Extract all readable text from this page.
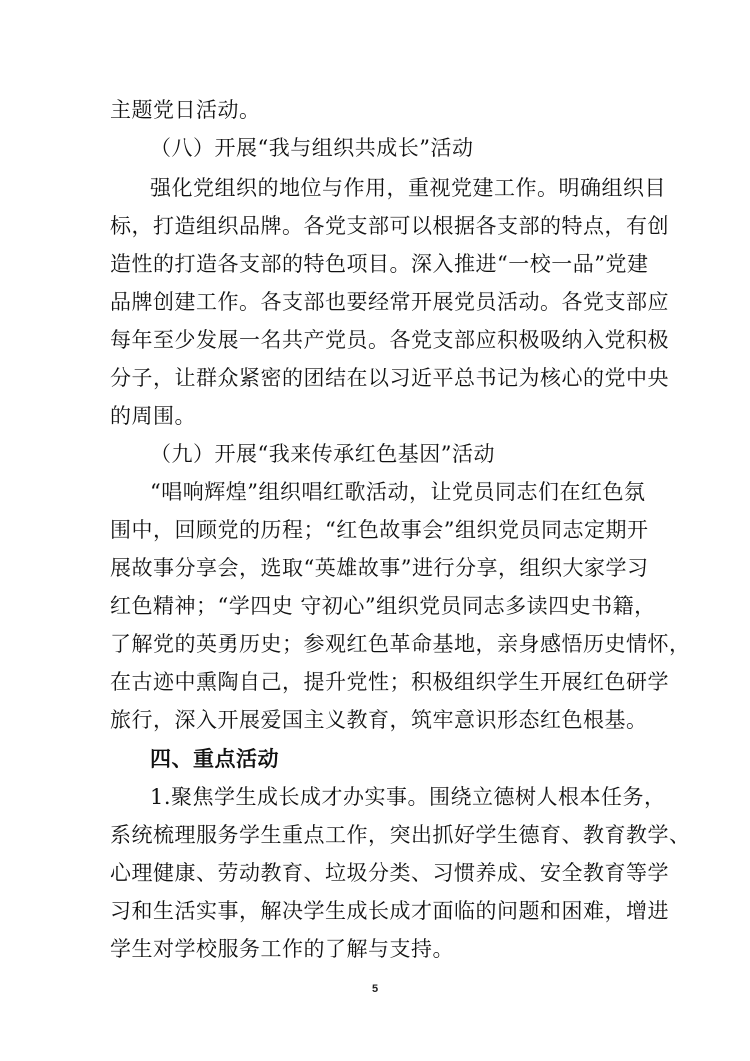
主题党日活动。
（八）开展“我与组织共成长”活动
强化党组织的地位与作用，重视党建工作。明确组织目
标，打造组织品牌。各党支部可以根据各支部的特点，有创
造性的打造各支部的特色项目。深入推进“一校一品”党建
品牌创建工作。各支部也要经常开展党员活动。各党支部应
每年至少发展一名共产党员。各党支部应积极吸纳入党积极
分子，让群众紧密的团结在以习近平总书记为核心的党中央
的周围。
（九）开展“我来传承红色基因”活动
“唱响辉煌”组织唱红歌活动，让党员同志们在红色氛
围中，回顾党的历程；“红色故事会”组织党员同志定期开
展故事分享会，选取“英雄故事”进行分享，组织大家学习
红色精神；“学四史 守初心”组织党员同志多读四史书籍，
了解党的英勇历史；参观红色革命基地，亲身感悟历史情怀，
在古迹中熏陶自己，提升党性；积极组织学生开展红色研学
旅行，深入开展爱国主义教育，筑牢意识形态红色根基。
四、重点活动
1.聚焦学生成长成才办实事。围绕立德树人根本任务，
系统梳理服务学生重点工作，突出抓好学生德育、教育教学、
心理健康、劳动教育、垃圾分类、习惯养成、安全教育等学
习和生活实事，解决学生成长成才面临的问题和困难，增进
学生对学校服务工作的了解与支持。
5
